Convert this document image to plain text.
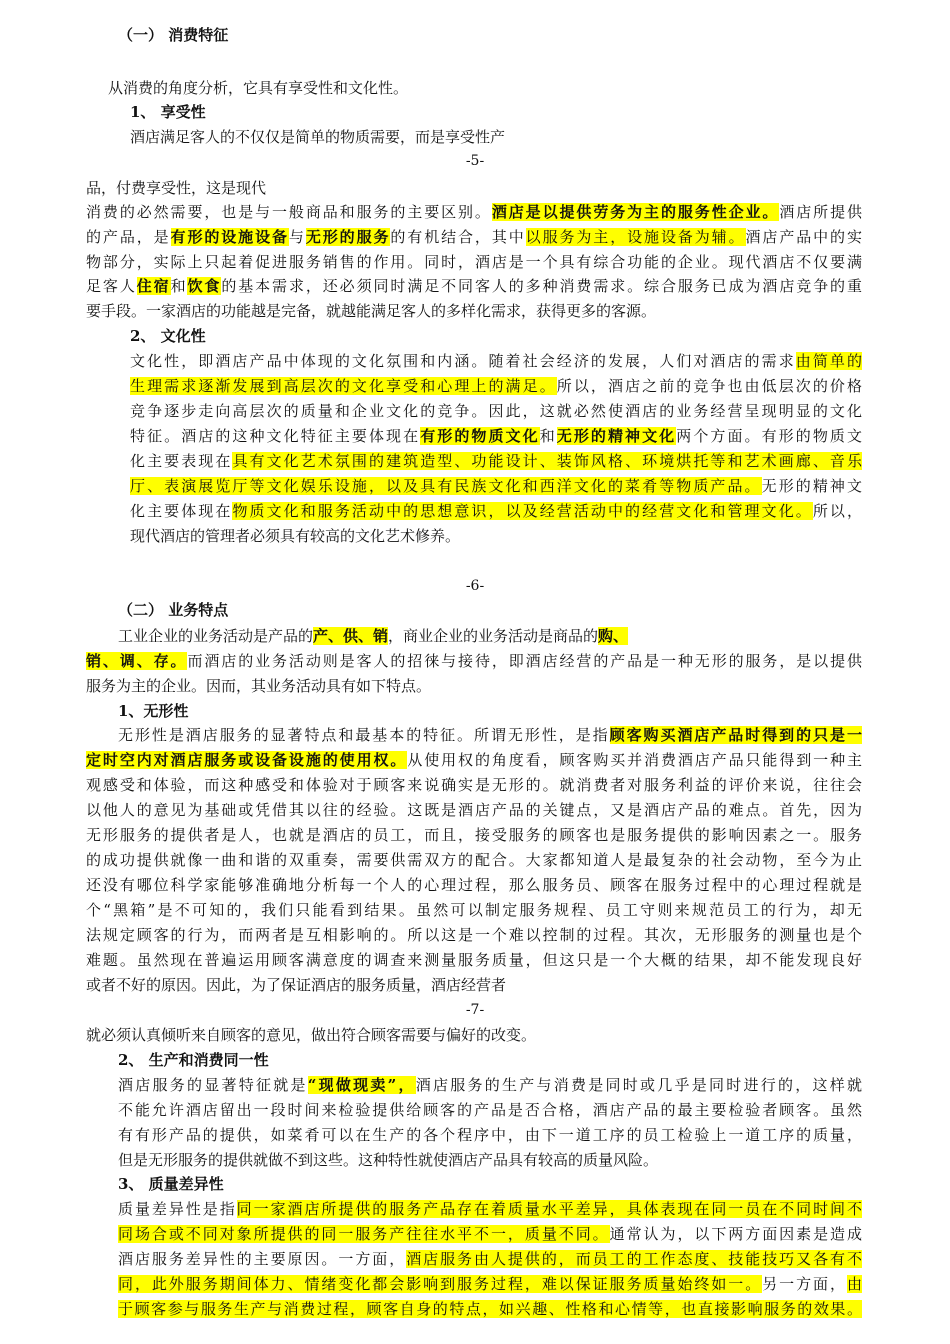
（一） 消费特征
从消费的角度分析，它具有享受性和文化性。
1、 享受性
酒店满足客人的不仅仅是简单的物质需要，而是享受性产
品，付费享受性，这是现代
消费的必然需要，也是与一般商品和服务的主要区别。酒店是以提供劳务为主的服务性企业。酒店所提供
的产品，是有形的设施设备与无形的服务的有机结合，其中以服务为主，设施设备为辅。酒店产品中的实
物部分，实际上只起着促进服务销售的作用。同时，酒店是一个具有综合功能的企业。现代酒店不仅要满
足客人住宿和饮食的基本需求，还必须同时满足不同客人的多种消费需求。综合服务已成为酒店竞争的重
要手段。一家酒店的功能越是完备，就越能满足客人的多样化需求，获得更多的客源。
2、 文化性
文化性，即酒店产品中体现的文化氛围和内涵。随着社会经济的发展，人们对酒店的需求由简单的
生理需求逐渐发展到高层次的文化享受和心理上的满足。所以，酒店之前的竞争也由低层次的价格
竞争逐步走向高层次的质量和企业文化的竞争。因此，这就必然使酒店的业务经营呈现明显的文化
特征。酒店的这种文化特征主要体现在有形的物质文化和无形的精神文化两个方面。有形的物质文
化主要表现在具有文化艺术氛围的建筑造型、功能设计、装饰风格、环境烘托等和艺术画廊、音乐
厅、表演展览厅等文化娱乐设施，以及具有民族文化和西洋文化的菜肴等物质产品。无形的精神文
化主要体现在物质文化和服务活动中的思想意识，以及经营活动中的经营文化和管理文化。所以，
现代酒店的管理者必须具有较高的文化艺术修养。
（二） 业务特点
工业企业的业务活动是产品的产、供、销，商业企业的业务活动是商品的购、
销、调、存。而酒店的业务活动则是客人的招徕与接待，即酒店经营的产品是一种无形的服务，是以提供
服务为主的企业。因而，其业务活动具有如下特点。
1、无形性
无形性是酒店服务的显著特点和最基本的特征。所谓无形性，是指顾客购买酒店产品时得到的只是一
定时空内对酒店服务或设备设施的使用权。从使用权的角度看，顾客购买并消费酒店产品只能得到一种主
观感受和体验，而这种感受和体验对于顾客来说确实是无形的。就消费者对服务利益的评价来说，往往会
以他人的意见为基础或凭借其以往的经验。这既是酒店产品的关键点，又是酒店产品的难点。首先，因为
无形服务的提供者是人，也就是酒店的员工，而且，接受服务的顾客也是服务提供的影响因素之一。服务
的成功提供就像一曲和谐的双重奏，需要供需双方的配合。大家都知道人是最复杂的社会动物，至今为止
还没有哪位科学家能够准确地分析每一个人的心理过程，那么服务员、顾客在服务过程中的心理过程就是
个“黑箱”是不可知的，我们只能看到结果。虽然可以制定服务规程、员工守则来规范员工的行为，却无
法规定顾客的行为，而两者是互相影响的。所以这是一个难以控制的过程。其次，无形服务的测量也是个
难题。虽然现在普遍运用顾客满意度的调查来测量服务质量，但这只是一个大概的结果，却不能发现良好
或者不好的原因。因此，为了保证酒店的服务质量，酒店经营者
就必须认真倾听来自顾客的意见，做出符合顾客需要与偏好的改变。
2、 生产和消费同一性
酒店服务的显著特征就是“现做现卖”，酒店服务的生产与消费是同时或几乎是同时进行的，这样就
不能允许酒店留出一段时间来检验提供给顾客的产品是否合格，酒店产品的最主要检验者顾客。虽然
有有形产品的提供，如菜肴可以在生产的各个程序中，由下一道工序的员工检验上一道工序的质量，
但是无形服务的提供就做不到这些。这种特性就使酒店产品具有较高的质量风险。
3、 质量差异性
质量差异性是指同一家酒店所提供的服务产品存在着质量水平差异，具体表现在同一员在不同时间不
同场合或不同对象所提供的同一服务产往往水平不一，质量不同。通常认为，以下两方面因素是造成
酒店服务差异性的主要原因。一方面，酒店服务由人提供的，而员工的工作态度、技能技巧又各有不
同，此外服务期间体力、情绪变化都会影响到服务过程，难以保证服务质量始终如一。另一方面，由
于顾客参与服务生产与消费过程，顾客自身的特点，如兴趣、性格和心情等，也直接影响服务的效果。
-5-
-6-
-7-
